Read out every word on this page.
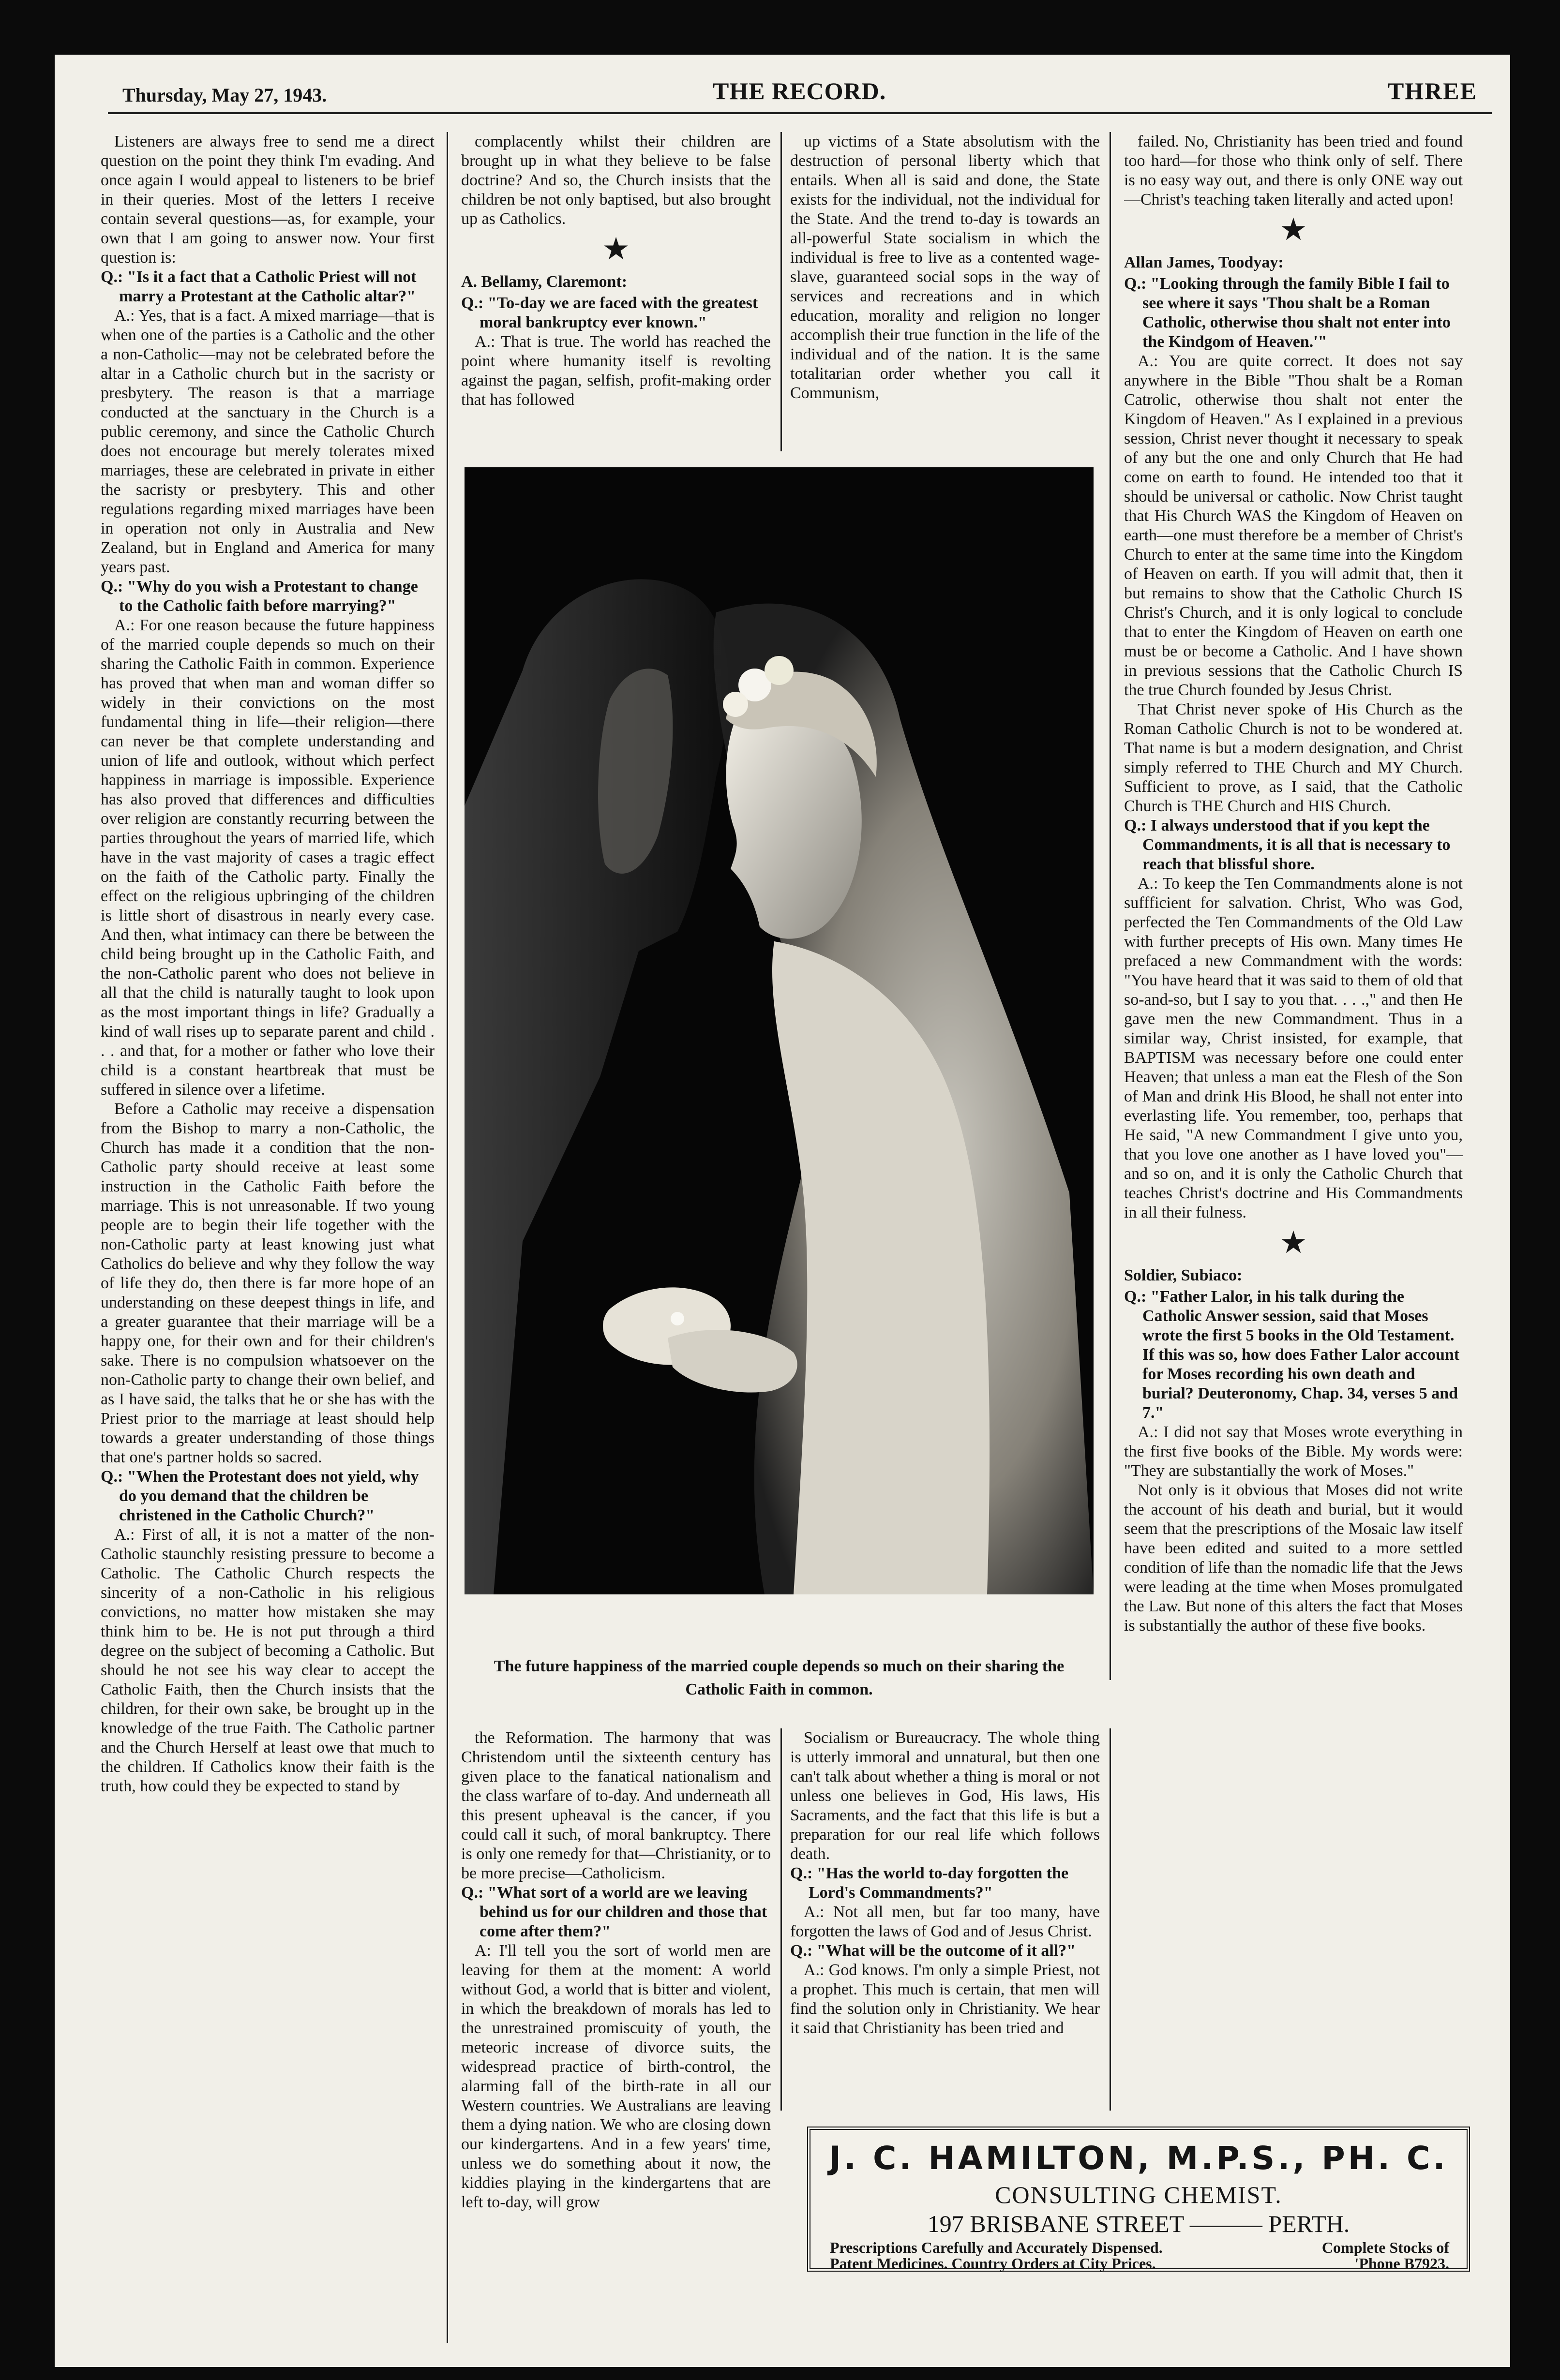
Thursday, May 27, 1943.	THE RECORD.	THREE

Listeners are always free to send me a direct question on the point they think I'm evading. And once again I would appeal to listeners to be brief in their queries. Most of the letters I receive contain several questions—as, for example, your own that I am going to answer now. Your first question is:

Q.: "Is it a fact that a Catholic Priest will not marry a Protestant at the Catholic altar?"

A.: Yes, that is a fact. A mixed marriage—that is when one of the parties is a Catholic and the other a non-Catholic—may not be celebrated before the altar in a Catholic church but in the sacristy or presbytery. The reason is that a marriage conducted at the sanctuary in the Church is a public ceremony, and since the Catholic Church does not encourage but merely tolerates mixed marriages, these are celebrated in private in either the sacristy or presbytery. This and other regulations regarding mixed marriages have been in operation not only in Australia and New Zealand, but in England and America for many years past.

Q.: "Why do you wish a Protestant to change to the Catholic faith before marrying?"

A.: For one reason because the future happiness of the married couple depends so much on their sharing the Catholic Faith in common. Experience has proved that when man and woman differ so widely in their convictions on the most fundamental thing in life—their religion—there can never be that complete understanding and union of life and outlook, without which perfect happiness in marriage is impossible. Experience has also proved that differences and difficulties over religion are constantly recurring between the parties throughout the years of married life, which have in the vast majority of cases a tragic effect on the faith of the Catholic party. Finally the effect on the religious upbringing of the children is little short of disastrous in nearly every case. And then, what intimacy can there be between the child being brought up in the Catholic Faith, and the non-Catholic parent who does not believe in all that the child is naturally taught to look upon as the most important things in life? Gradually a kind of wall rises up to separate parent and child . . . and that, for a mother or father who love their child is a constant heartbreak that must be suffered in silence over a lifetime.

Before a Catholic may receive a dispensation from the Bishop to marry a non-Catholic, the Church has made it a condition that the non-Catholic party should receive at least some instruction in the Catholic Faith before the marriage. This is not unreasonable. If two young people are to begin their life together with the non-Catholic party at least knowing just what Catholics do believe and why they follow the way of life they do, then there is far more hope of an understanding on these deepest things in life, and a greater guarantee that their marriage will be a happy one, for their own and for their children's sake. There is no compulsion whatsoever on the non-Catholic party to change their own belief, and as I have said, the talks that he or she has with the Priest prior to the marriage at least should help towards a greater understanding of those things that one's partner holds so sacred.

Q.: "When the Protestant does not yield, why do you demand that the children be christened in the Catholic Church?"

A.: First of all, it is not a matter of the non-Catholic staunchly resisting pressure to become a Catholic. The Catholic Church respects the sincerity of a non-Catholic in his religious convictions, no matter how mistaken she may think him to be. He is not put through a third degree on the subject of becoming a Catholic. But should he not see his way clear to accept the Catholic Faith, then the Church insists that the children, for their own sake, be brought up in the knowledge of the true Faith. The Catholic partner and the Church Herself at least owe that much to the children. If Catholics know their faith is the truth, how could they be expected to stand by

complacently whilst their children are brought up in what they believe to be false doctrine? And so, the Church insists that the children be not only baptised, but also brought up as Catholics.

★

A. Bellamy, Claremont:

Q.: "To-day we are faced with the greatest moral bankruptcy ever known."

A.: That is true. The world has reached the point where humanity itself is revolting against the pagan, selfish, profit-making order that has followed

up victims of a State absolutism with the destruction of personal liberty which that entails. When all is said and done, the State exists for the individual, not the individual for the State. And the trend to-day is towards an all-powerful State socialism in which the individual is free to live as a contented wage-slave, guaranteed social sops in the way of services and recreations and in which education, morality and religion no longer accomplish their true function in the life of the individual and of the nation. It is the same totalitarian order whether you call it Communism,

The future happiness of the married couple depends so much on their sharing the Catholic Faith in common.

the Reformation. The harmony that was Christendom until the sixteenth century has given place to the fanatical nationalism and the class warfare of to-day. And underneath all this present upheaval is the cancer, if you could call it such, of moral bankruptcy. There is only one remedy for that—Christianity, or to be more precise—Catholicism.

Q.: "What sort of a world are we leaving behind us for our children and those that come after them?"

A: I'll tell you the sort of world men are leaving for them at the moment: A world without God, a world that is bitter and violent, in which the breakdown of morals has led to the unrestrained promiscuity of youth, the meteoric increase of divorce suits, the widespread practice of birth-control, the alarming fall of the birth-rate in all our Western countries. We Australians are leaving them a dying nation. We who are closing down our kindergartens. And in a few years' time, unless we do something about it now, the kiddies playing in the kindergartens that are left to-day, will grow

Socialism or Bureaucracy. The whole thing is utterly immoral and unnatural, but then one can't talk about whether a thing is moral or not unless one believes in God, His laws, His Sacraments, and the fact that this life is but a preparation for our real life which follows death.

Q.: "Has the world to-day forgotten the Lord's Commandments?"

A.: Not all men, but far too many, have forgotten the laws of God and of Jesus Christ.

Q.: "What will be the outcome of it all?"

A.: God knows. I'm only a simple Priest, not a prophet. This much is certain, that men will find the solution only in Christianity. We hear it said that Christianity has been tried and

failed. No, Christianity has been tried and found too hard—for those who think only of self. There is no easy way out, and there is only ONE way out—Christ's teaching taken literally and acted upon!

★

Allan James, Toodyay:

Q.: "Looking through the family Bible I fail to see where it says 'Thou shalt be a Roman Catholic, otherwise thou shalt not enter into the Kindgom of Heaven.'"

A.: You are quite correct. It does not say anywhere in the Bible "Thou shalt be a Roman Catrolic, otherwise thou shalt not enter the Kingdom of Heaven." As I explained in a previous session, Christ never thought it necessary to speak of any but the one and only Church that He had come on earth to found. He intended too that it should be universal or catholic. Now Christ taught that His Church WAS the Kingdom of Heaven on earth—one must therefore be a member of Christ's Church to enter at the same time into the Kingdom of Heaven on earth. If you will admit that, then it but remains to show that the Catholic Church IS Christ's Church, and it is only logical to conclude that to enter the Kingdom of Heaven on earth one must be or become a Catholic. And I have shown in previous sessions that the Catholic Church IS the true Church founded by Jesus Christ.

That Christ never spoke of His Church as the Roman Catholic Church is not to be wondered at. That name is but a modern designation, and Christ simply referred to THE Church and MY Church. Sufficient to prove, as I said, that the Catholic Church is THE Church and HIS Church.

Q.: I always understood that if you kept the Commandments, it is all that is necessary to reach that blissful shore.

A.: To keep the Ten Commandments alone is not suffficient for salvation. Christ, Who was God, perfected the Ten Commandments of the Old Law with further precepts of His own. Many times He prefaced a new Commandment with the words: "You have heard that it was said to them of old that so-and-so, but I say to you that. . . .," and then He gave men the new Commandment. Thus in a similar way, Christ insisted, for example, that BAPTISM was necessary before one could enter Heaven; that unless a man eat the Flesh of the Son of Man and drink His Blood, he shall not enter into everlasting life. You remember, too, perhaps that He said, "A new Commandment I give unto you, that you love one another as I have loved you"—and so on, and it is only the Catholic Church that teaches Christ's doctrine and His Commandments in all their fulness.

★

Soldier, Subiaco:

Q.: "Father Lalor, in his talk during the Catholic Answer session, said that Moses wrote the first 5 books in the Old Testament. If this was so, how does Father Lalor account for Moses recording his own death and burial? Deuteronomy, Chap. 34, verses 5 and 7."

A.: I did not say that Moses wrote everything in the first five books of the Bible. My words were: "They are substantially the work of Moses."

Not only is it obvious that Moses did not write the account of his death and burial, but it would seem that the prescriptions of the Mosaic law itself have been edited and suited to a more settled condition of life than the nomadic life that the Jews were leading at the time when Moses promulgated the Law. But none of this alters the fact that Moses is substantially the author of these five books.

J. C. HAMILTON, M.P.S., PH. C.
CONSULTING CHEMIST.
197 BRISBANE STREET ——— PERTH.
Prescriptions Carefully and Accurately Dispensed.	Complete Stocks of
Patent Medicines. Country Orders at City Prices.	'Phone B7923.
